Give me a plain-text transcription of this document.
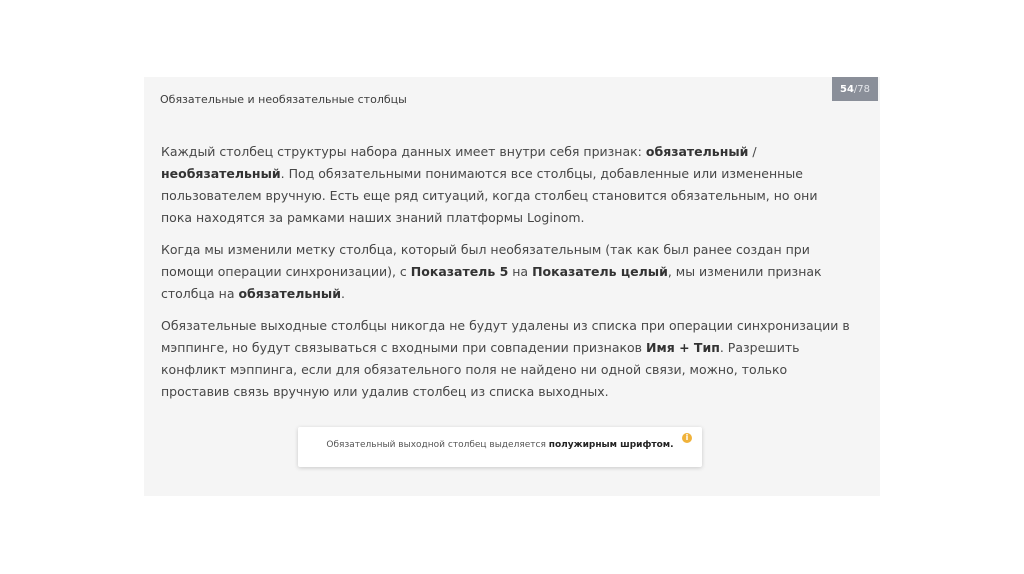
Обязательные и необязательные столбцы
54 / 78

Каждый столбец структуры набора данных имеет внутри себя признак: обязательный / необязательный. Под обязательными понимаются все столбцы, добавленные или измененные пользователем вручную. Есть еще ряд ситуаций, когда столбец становится обязательным, но они пока находятся за рамками наших знаний платформы Loginom.

Когда мы изменили метку столбца, который был необязательным (так как был ранее создан при помощи операции синхронизации), с Показатель 5 на Показатель целый, мы изменили признак столбца на обязательный.

Обязательные выходные столбцы никогда не будут удалены из списка при операции синхронизации в мэппинге, но будут связываться с входными при совпадении признаков Имя + Тип. Разрешить конфликт мэппинга, если для обязательного поля не найдено ни одной связи, можно, только проставив связь вручную или удалив столбец из списка выходных.

Обязательный выходной столбец выделяется полужирным шрифтом.
i
